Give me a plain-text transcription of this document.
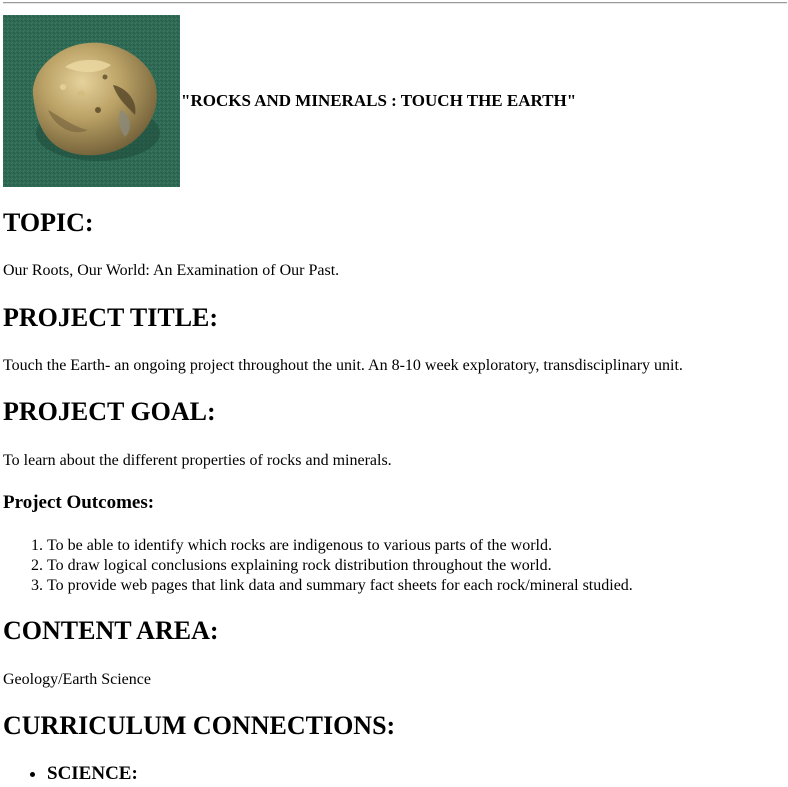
"ROCKS AND MINERALS : TOUCH THE EARTH"
TOPIC:

Our Roots, Our World: An Examination of Our Past.

PROJECT TITLE:

Touch the Earth- an ongoing project throughout the unit. An 8-10 week exploratory, transdisciplinary unit.

PROJECT GOAL:

To learn about the different properties of rocks and minerals.

Project Outcomes:
1. To be able to identify which rocks are indigenous to various parts of the world.
2. To draw logical conclusions explaining rock distribution throughout the world.
3. To provide web pages that link data and summary fact sheets for each rock/mineral studied.
CONTENT AREA:

Geology/Earth Science

CURRICULUM CONNECTIONS:
• SCIENCE:
